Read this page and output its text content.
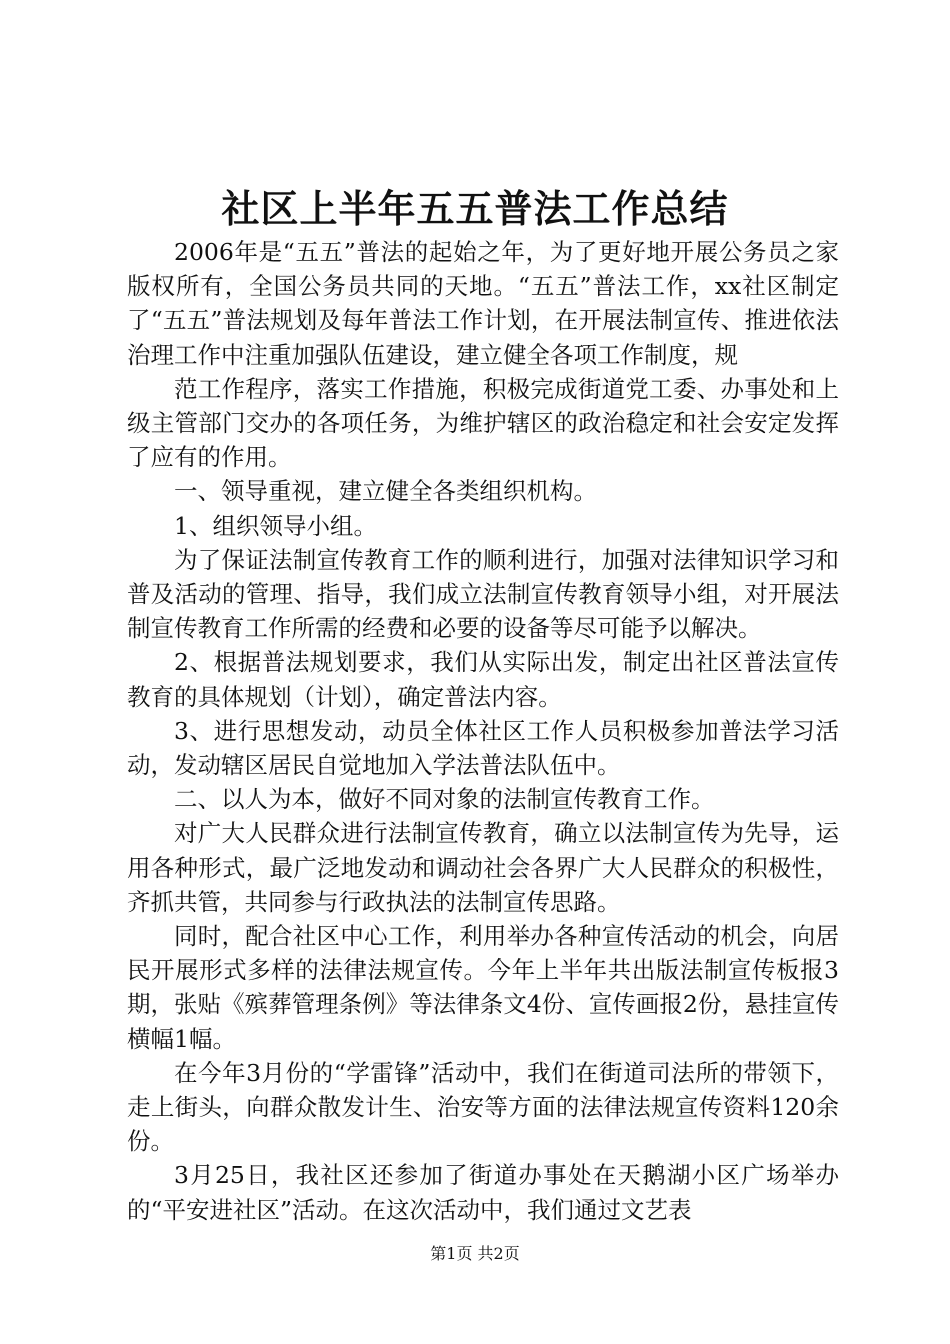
社区上半年五五普法工作总结

2006年是“五五”普法的起始之年，为了更好地开展公务员之家版权所有，全国公务员共同的天地。“五五”普法工作，xx社区制定了“五五”普法规划及每年普法工作计划，在开展法制宣传、推进依法治理工作中注重加强队伍建设，建立健全各项工作制度，规

范工作程序，落实工作措施，积极完成街道党工委、办事处和上级主管部门交办的各项任务，为维护辖区的政治稳定和社会安定发挥了应有的作用。

一、领导重视，建立健全各类组织机构。

1、组织领导小组。

为了保证法制宣传教育工作的顺利进行，加强对法律知识学习和普及活动的管理、指导，我们成立法制宣传教育领导小组，对开展法制宣传教育工作所需的经费和必要的设备等尽可能予以解决。

2、根据普法规划要求，我们从实际出发，制定出社区普法宣传教育的具体规划（计划），确定普法内容。

3、进行思想发动，动员全体社区工作人员积极参加普法学习活动，发动辖区居民自觉地加入学法普法队伍中。

二、以人为本，做好不同对象的法制宣传教育工作。

对广大人民群众进行法制宣传教育，确立以法制宣传为先导，运用各种形式，最广泛地发动和调动社会各界广大人民群众的积极性，齐抓共管，共同参与行政执法的法制宣传思路。

同时，配合社区中心工作，利用举办各种宣传活动的机会，向居民开展形式多样的法律法规宣传。今年上半年共出版法制宣传板报3期，张贴《殡葬管理条例》等法律条文4份、宣传画报2份，悬挂宣传横幅1幅。

在今年3月份的“学雷锋”活动中，我们在街道司法所的带领下，走上街头，向群众散发计生、治安等方面的法律法规宣传资料120余份。

3月25日，我社区还参加了街道办事处在天鹅湖小区广场举办的“平安进社区”活动。在这次活动中，我们通过文艺表

第1页 共2页
